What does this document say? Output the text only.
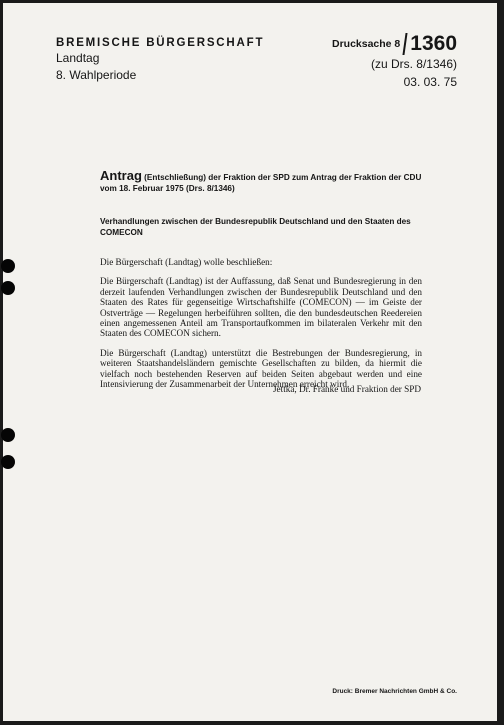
BREMISCHE BÜRGERSCHAFT
Landtag
8. Wahlperiode
Drucksache 8 1360
(zu Drs. 8/1346)
03. 03. 75
Antrag (Entschließung) der Fraktion der SPD zum Antrag der Fraktion der CDU
vom 18. Februar 1975 (Drs. 8/1346)
Verhandlungen zwischen der Bundesrepublik Deutschland und den Staaten des COMECON

Die Bürgerschaft (Landtag) wolle beschließen:

Die Bürgerschaft (Landtag) ist der Auffassung, daß Senat und Bundesregierung in den derzeit laufenden Verhandlungen zwischen der Bundesrepublik Deutschland und den Staaten des Rates für gegenseitige Wirtschaftshilfe (COMECON) — im Geiste der Ostverträge — Regelungen herbeiführen sollten, die den bundesdeutschen Reedereien einen angemessenen Anteil am Transportaufkommen im bilateralen Verkehr mit den Staaten des COMECON sichern.

Die Bürgerschaft (Landtag) unterstützt die Bestrebungen der Bundesregierung, in weiteren Staatshandelsländern gemischte Gesellschaften zu bilden, da hiermit die vielfach noch bestehenden Reserven auf beiden Seiten abgebaut werden und eine Intensivierung der Zusammenarbeit der Unternehmen erreicht wird.

Jettka, Dr. Franke und Fraktion der SPD
Druck: Bremer Nachrichten GmbH & Co.
